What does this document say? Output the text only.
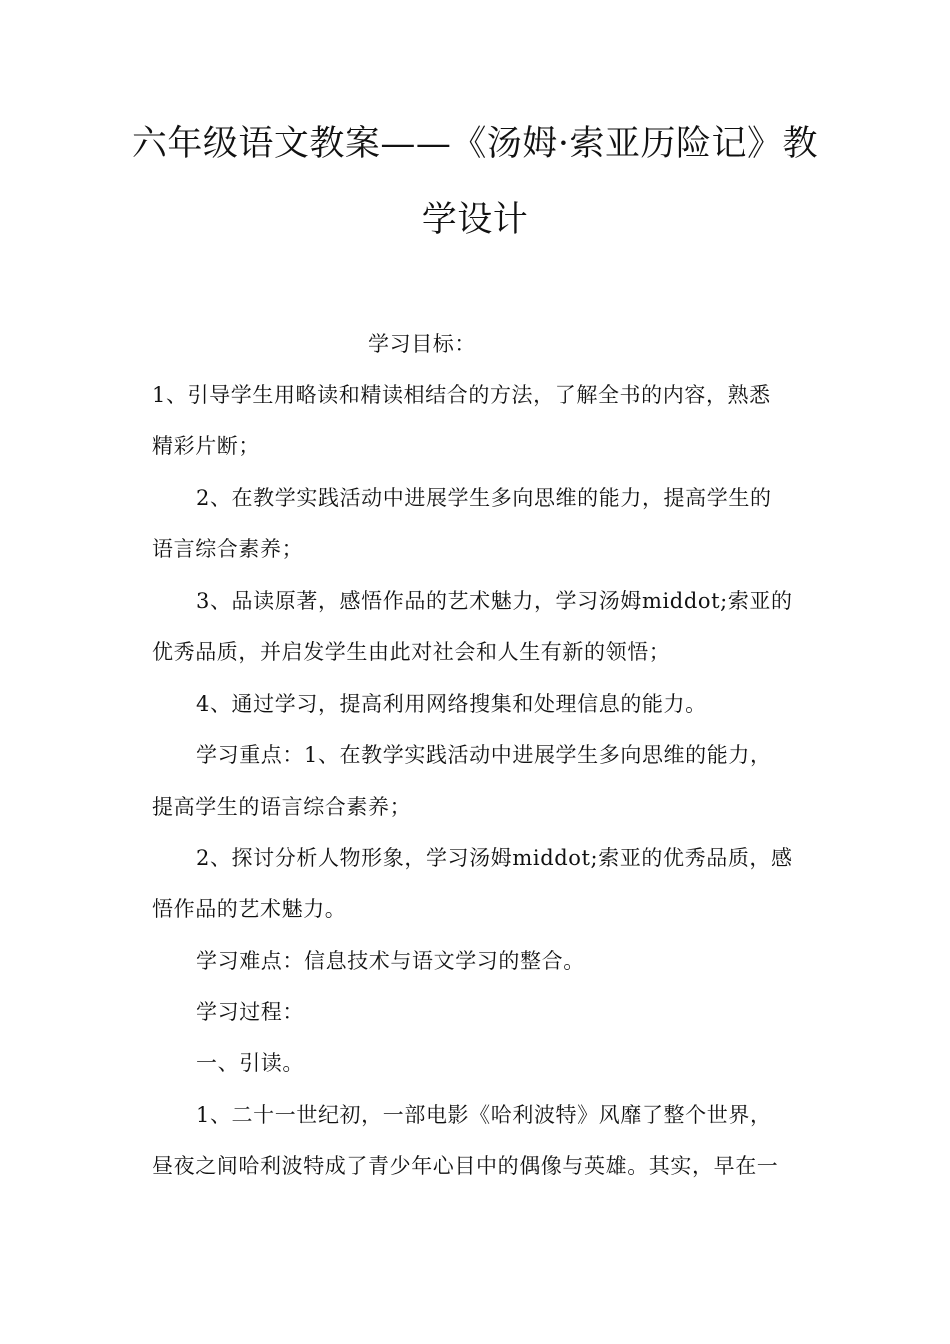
六年级语文教案——《汤姆·索亚历险记》教
学设计
学习目标：
1、引导学生用略读和精读相结合的方法，了解全书的内容，熟悉
精彩片断；
2、在教学实践活动中进展学生多向思维的能力，提高学生的
语言综合素养；
3、品读原著，感悟作品的艺术魅力，学习汤姆middot;索亚的
优秀品质，并启发学生由此对社会和人生有新的领悟；
4、通过学习，提高利用网络搜集和处理信息的能力。
学习重点：1、在教学实践活动中进展学生多向思维的能力，
提高学生的语言综合素养；
2、探讨分析人物形象，学习汤姆middot;索亚的优秀品质，感
悟作品的艺术魅力。
学习难点：信息技术与语文学习的整合。
学习过程：
一、引读。
1、二十一世纪初，一部电影《哈利波特》风靡了整个世界，
昼夜之间哈利波特成了青少年心目中的偶像与英雄。其实，早在一
